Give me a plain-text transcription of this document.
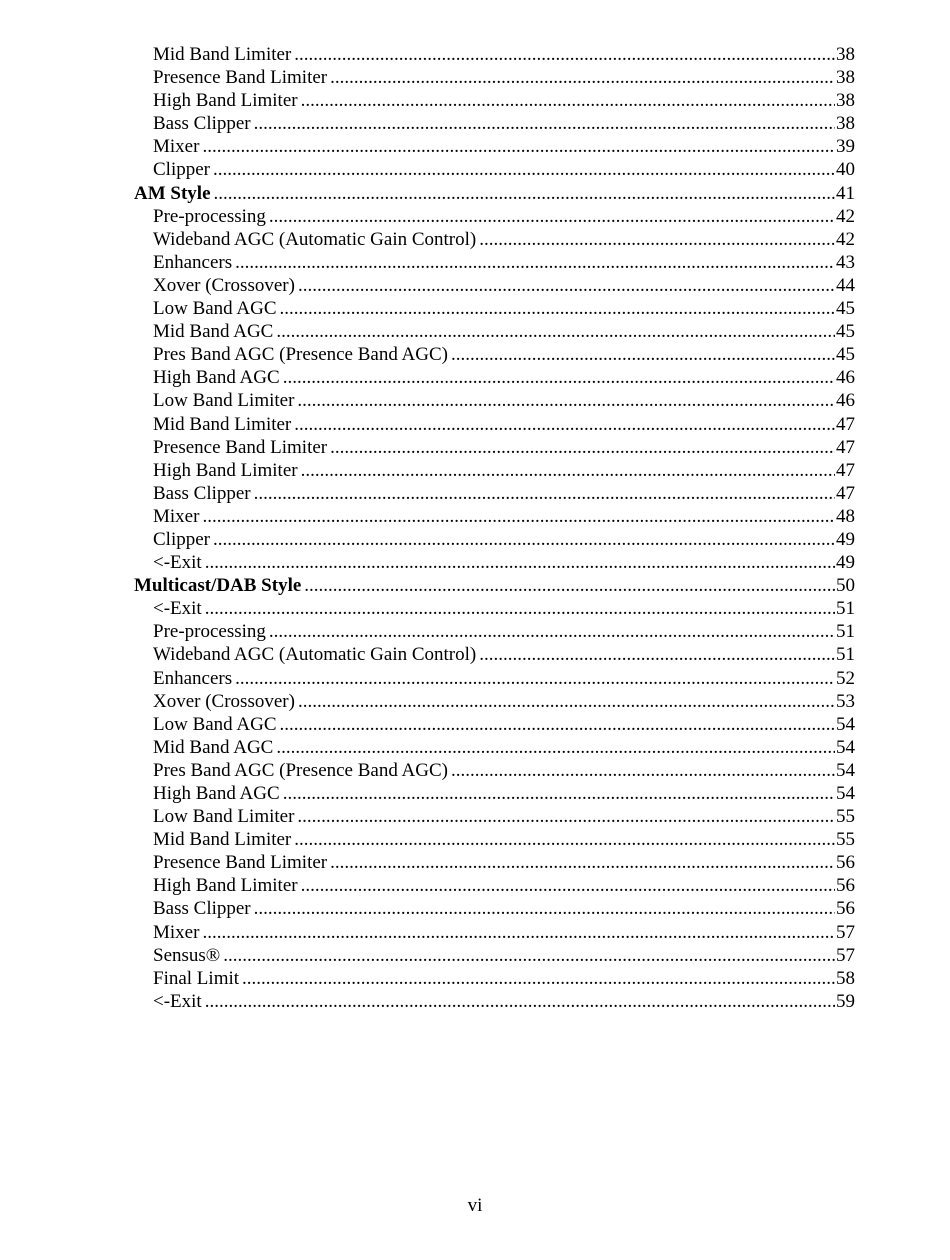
Mid Band Limiter .....	38
Presence Band Limiter .....	38
High Band Limiter .....	38
Bass Clipper .....	38
Mixer .....	39
Clipper .....	40
AM Style .....	41
Pre-processing .....	42
Wideband AGC (Automatic Gain Control) .....	42
Enhancers .....	43
Xover (Crossover) .....	44
Low Band AGC .....	45
Mid Band AGC .....	45
Pres Band AGC (Presence Band AGC) .....	45
High Band AGC .....	46
Low Band Limiter .....	46
Mid Band Limiter .....	47
Presence Band Limiter .....	47
High Band Limiter .....	47
Bass Clipper .....	47
Mixer .....	48
Clipper .....	49
<-Exit .....	49
Multicast/DAB Style .....	50
<-Exit .....	51
Pre-processing .....	51
Wideband AGC (Automatic Gain Control) .....	51
Enhancers .....	52
Xover (Crossover) .....	53
Low Band AGC .....	54
Mid Band AGC .....	54
Pres Band AGC (Presence Band AGC) .....	54
High Band AGC .....	54
Low Band Limiter .....	55
Mid Band Limiter .....	55
Presence Band Limiter .....	56
High Band Limiter .....	56
Bass Clipper .....	56
Mixer .....	57
Sensus® .....	57
Final Limit .....	58
<-Exit .....	59
vi
